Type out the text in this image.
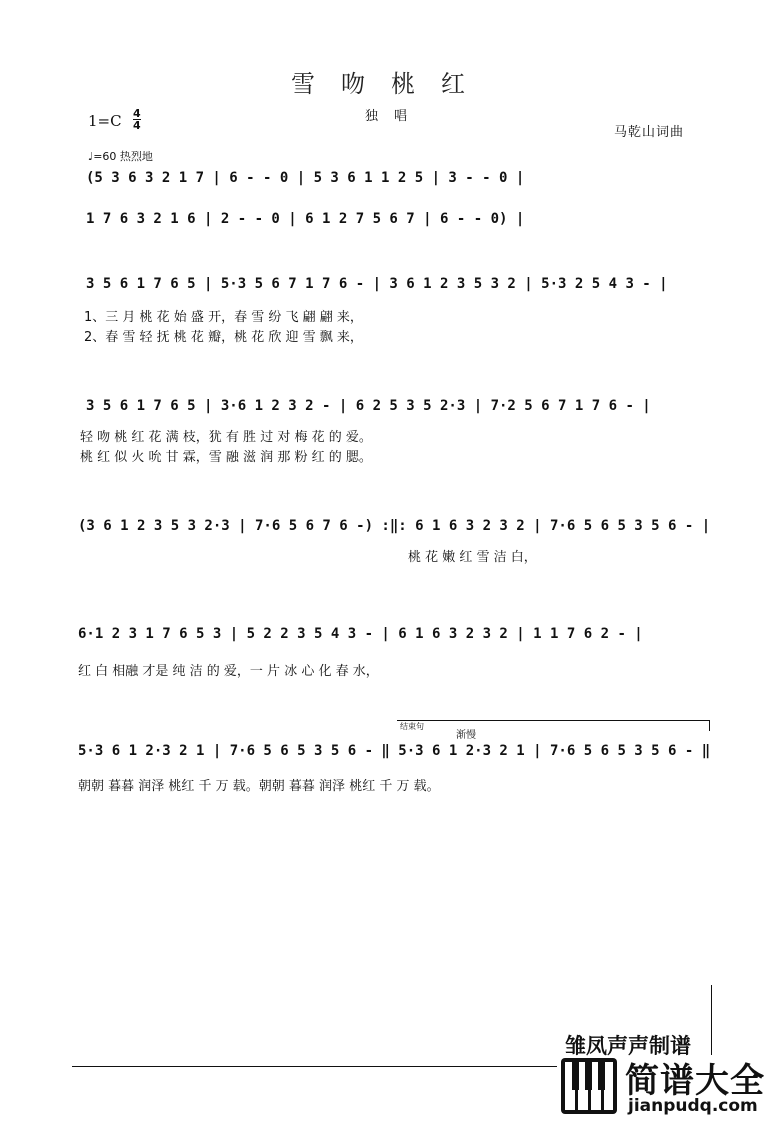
雪吻桃红
1=C 4
4
独唱
马乾山词曲
♩=60 热烈地
(5 3 6 3 2 1 7 | 6 - - 0 | 5 3 6 1 1 2 5 | 3 - - 0 |
1 7 6 3 2 1 6 | 2 - - 0 | 6 1 2 7 5 6 7 | 6 - - 0) |
3 5 6 1 7 6 5 | 5·3 5 6 7 1 7 6 - | 3 6 1 2 3 5 3 2 | 5·3 2 5 4 3 - |
1、三 月 桃 花 始 盛 开，春 雪 纷 飞 翩 翩 来，
2、春 雪 轻 抚 桃 花 瓣，桃 花 欣 迎 雪 飘 来，
3 5 6 1 7 6 5 | 3·6 1 2 3 2 - | 6 2 5 3 5 2·3 | 7·2 5 6 7 1 7 6 - |
轻 吻 桃 红 花 满 枝，犹 有 胜 过 对 梅 花 的 爱。
桃 红 似 火 吮 甘 霖，雪 融 滋 润 那 粉 红 的 腮。
(3 6 1 2 3 5 3 2·3 | 7·6 5 6 7 6 -) :‖: 6 1 6 3 2 3 2 | 7·6 5 6 5 3 5 6 - |
桃 花 嫩 红 雪 洁 白，
6·1 2 3 1 7 6 5 3 | 5 2 2 3 5 4 3 - | 6 1 6 3 2 3 2 | 1 1 7 6 2 - |
红 白 相融 才是 纯 洁 的 爱，一 片 冰 心 化 春 水，
结束句
渐慢
5·3 6 1 2·3 2 1 | 7·6 5 6 5 3 5 6 - ‖ 5·3 6 1 2·3 2 1 | 7·6 5 6 5 3 5 6 - ‖
朝朝 暮暮 润泽 桃红 千 万 载。朝朝 暮暮 润泽 桃红 千 万 载。
雏凤声声制谱
简谱大全
jianpudq.com
